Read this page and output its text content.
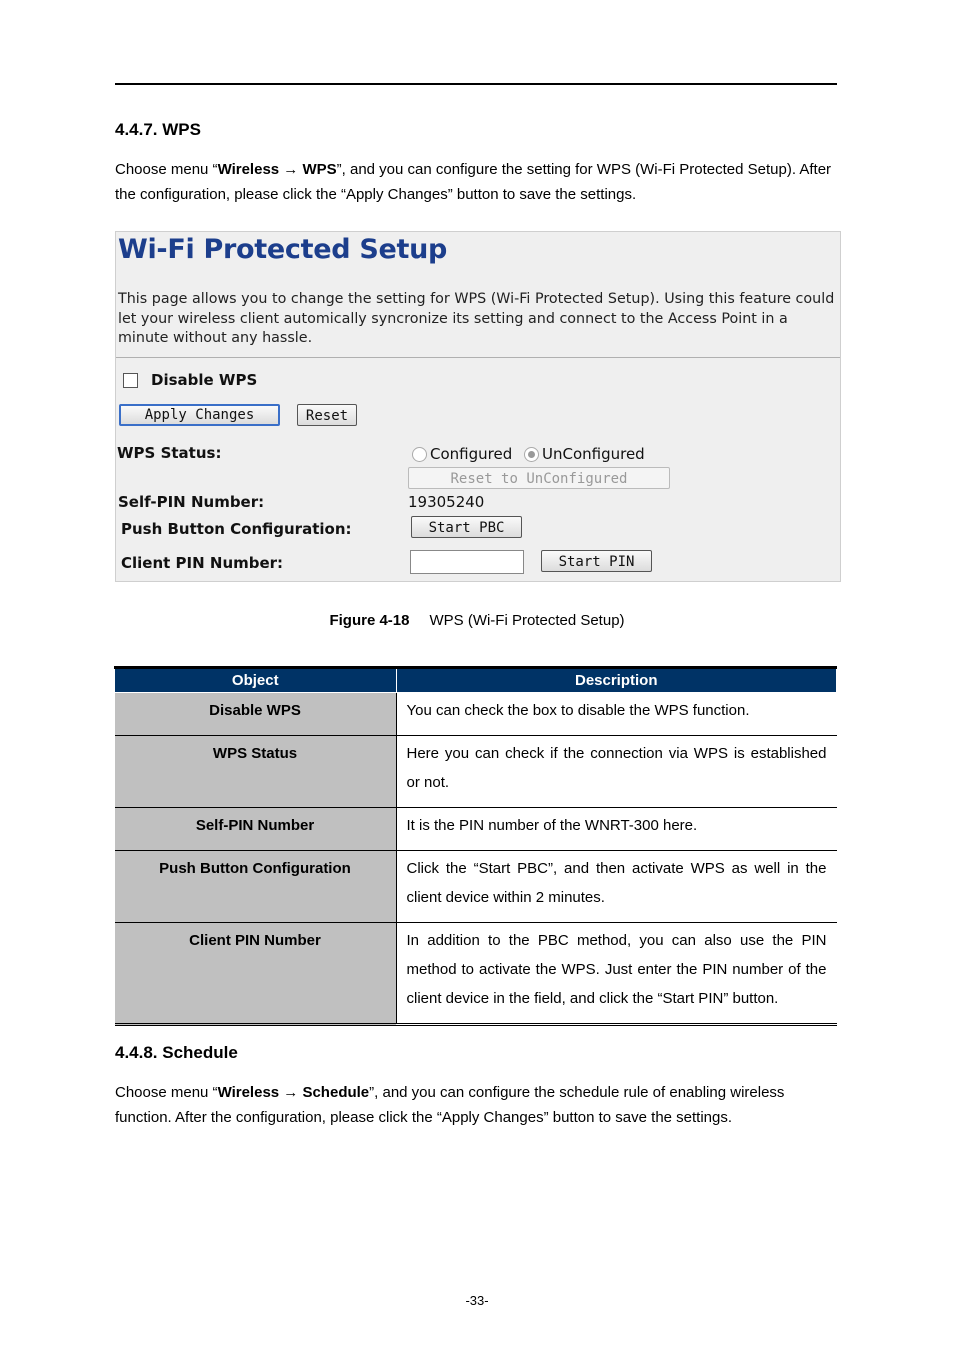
4.4.7. WPS
Choose menu “Wireless → WPS”, and you can configure the setting for WPS (Wi-Fi Protected Setup). After the configuration, please click the “Apply Changes” button to save the settings.
Wi-Fi Protected Setup
This page allows you to change the setting for WPS (Wi-Fi Protected Setup). Using this feature could let your wireless client automically syncronize its setting and connect to the Access Point in a minute without any hassle.
Disable WPS
Apply Changes	Reset
WPS Status:	Configured UnConfigured
Reset to UnConfigured
Self-PIN Number:	19305240
Push Button Configuration:	Start PBC
Client PIN Number:	Start PIN
Figure 4-18 WPS (Wi-Fi Protected Setup)
Object	Description
Disable WPS	You can check the box to disable the WPS function.
WPS Status	Here you can check if the connection via WPS is established or not.
Self-PIN Number	It is the PIN number of the WNRT-300 here.
Push Button Configuration	Click the “Start PBC”, and then activate WPS as well in the client device within 2 minutes.
Client PIN Number	In addition to the PBC method, you can also use the PIN method to activate the WPS. Just enter the PIN number of the client device in the field, and click the “Start PIN” button.
4.4.8. Schedule
Choose menu “Wireless → Schedule”, and you can configure the schedule rule of enabling wireless function. After the configuration, please click the “Apply Changes” button to save the settings.
-33-
